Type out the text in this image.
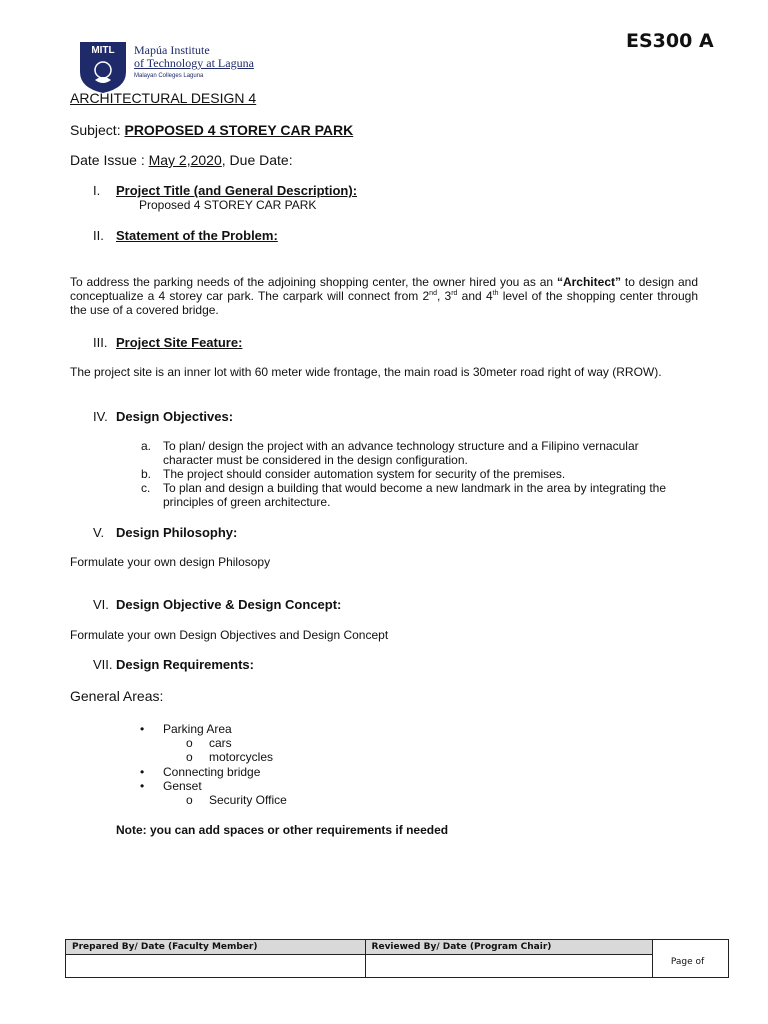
MITL Mapúa Institute
of Technology at Laguna
Malayan Colleges Laguna
ES300 A
ARCHITECTURAL DESIGN 4
Subject: PROPOSED 4 STOREY CAR PARK
Date Issue : May 2,2020, Due Date:
I. Project Title (and General Description):
Proposed 4 STOREY CAR PARK
II. Statement of the Problem:
To address the parking needs of the adjoining shopping center, the owner hired you as an “Architect” to design and conceptualize a 4 storey car park. The carpark will connect from 2nd, 3rd and 4th level of the shopping center through the use of a covered bridge.
III. Project Site Feature:
The project site is an inner lot with 60 meter wide frontage, the main road is 30meter road right of way (RROW).
IV. Design Objectives:
a. To plan/ design the project with an advance technology structure and a Filipino vernacular character must be considered in the design configuration.
b. The project should consider automation system for security of the premises.
c. To plan and design a building that would become a new landmark in the area by integrating the principles of green architecture.
V. Design Philosophy:
Formulate your own design Philosopy
VI. Design Objective & Design Concept:
Formulate your own Design Objectives and Design Concept
VII. Design Requirements:
General Areas:
• Parking Area
o cars
o motorcycles
• Connecting bridge
• Genset
o Security Office
Note: you can add spaces or other requirements if needed
Prepared By/ Date (Faculty Member)	Reviewed By/ Date (Program Chair)	
		Page of
